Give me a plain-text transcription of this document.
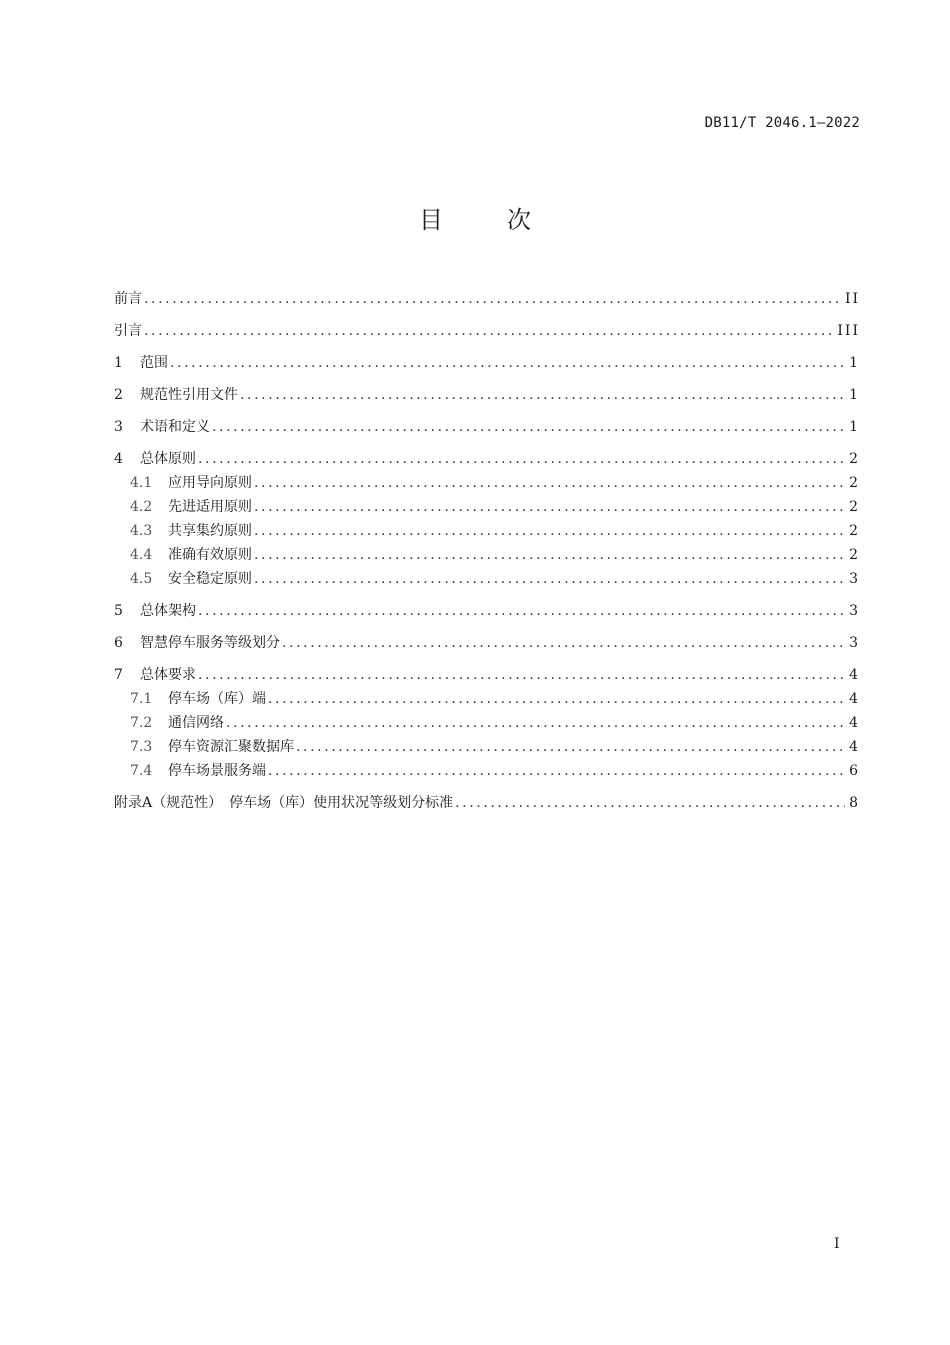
DB11/T 2046.1—2022
目次
前言 .....	II
引言 .....	III
1	范围 .....	1
2	规范性引用文件 .....	1
3	术语和定义 .....	1
4	总体原则 .....	2
4.1	应用导向原则 .....	2
4.2	先进适用原则 .....	2
4.3	共享集约原则 .....	2
4.4	准确有效原则 .....	2
4.5	安全稳定原则 .....	3
5	总体架构 .....	3
6	智慧停车服务等级划分 .....	3
7	总体要求 .....	4
7.1	停车场（库）端 .....	4
7.2	通信网络 .....	4
7.3	停车资源汇聚数据库 .....	4
7.4	停车场景服务端 .....	6
附录A（规范性）　停车场（库）使用状况等级划分标准 .....	8
I
